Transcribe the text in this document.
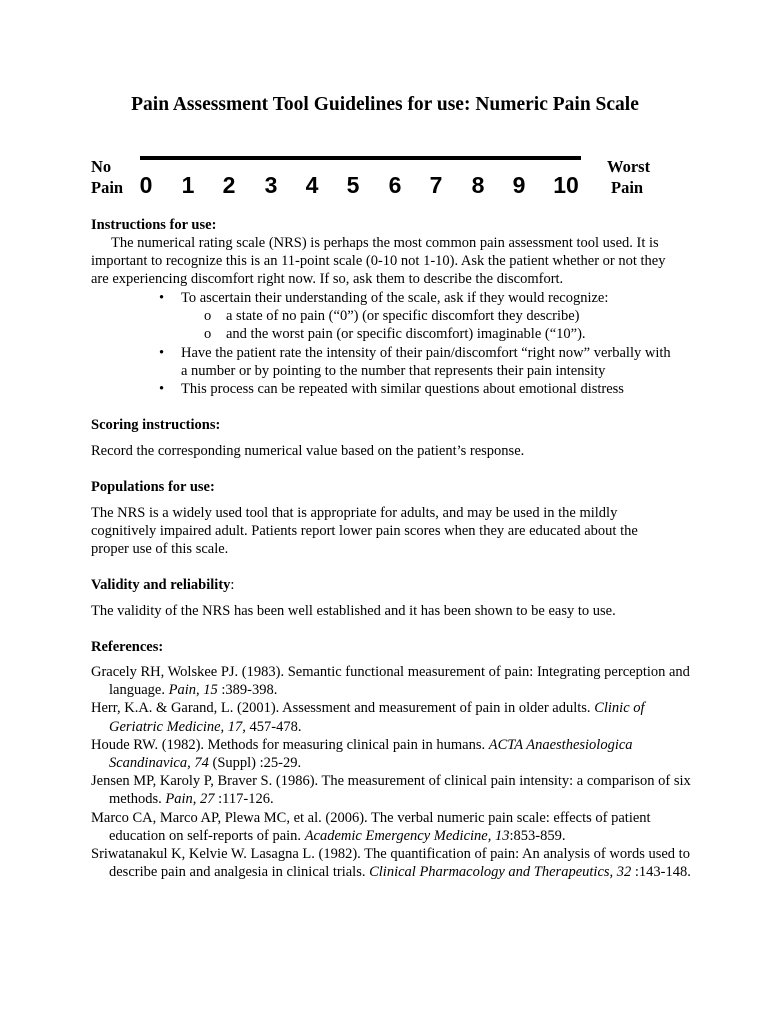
Pain Assessment Tool Guidelines for use: Numeric Pain Scale
No
Pain
Worst
Pain
0 1 2 3 4 5 6 7 8 9 10
Instructions for use:
The numerical rating scale (NRS) is perhaps the most common pain assessment tool used. It is important to recognize this is an 11-point scale (0-10 not 1-10). Ask the patient whether or not they are experiencing discomfort right now. If so, ask them to describe the discomfort.
• To ascertain their understanding of the scale, ask if they would recognize:
o a state of no pain (“0”) (or specific discomfort they describe)
o and the worst pain (or specific discomfort) imaginable (“10”).
• Have the patient rate the intensity of their pain/discomfort “right now” verbally with a number or by pointing to the number that represents their pain intensity
• This process can be repeated with similar questions about emotional distress
Scoring instructions:
Record the corresponding numerical value based on the patient’s response.
Populations for use:
The NRS is a widely used tool that is appropriate for adults, and may be used in the mildly cognitively impaired adult. Patients report lower pain scores when they are educated about the proper use of this scale.
Validity and reliability:
The validity of the NRS has been well established and it has been shown to be easy to use.
References:

Gracely RH, Wolskee PJ. (1983). Semantic functional measurement of pain: Integrating perception and language. Pain, 15 :389-398.

Herr, K.A. & Garand, L. (2001). Assessment and measurement of pain in older adults. Clinic of Geriatric Medicine, 17, 457-478.

Houde RW. (1982). Methods for measuring clinical pain in humans. ACTA Anaesthesiologica Scandinavica, 74 (Suppl) :25-29.

Jensen MP, Karoly P, Braver S. (1986). The measurement of clinical pain intensity: a comparison of six methods. Pain, 27 :117-126.

Marco CA, Marco AP, Plewa MC, et al. (2006). The verbal numeric pain scale: effects of patient education on self-reports of pain. Academic Emergency Medicine, 13:853-859.

Sriwatanakul K, Kelvie W. Lasagna L. (1982). The quantification of pain: An analysis of words used to describe pain and analgesia in clinical trials. Clinical Pharmacology and Therapeutics, 32 :143-148.
